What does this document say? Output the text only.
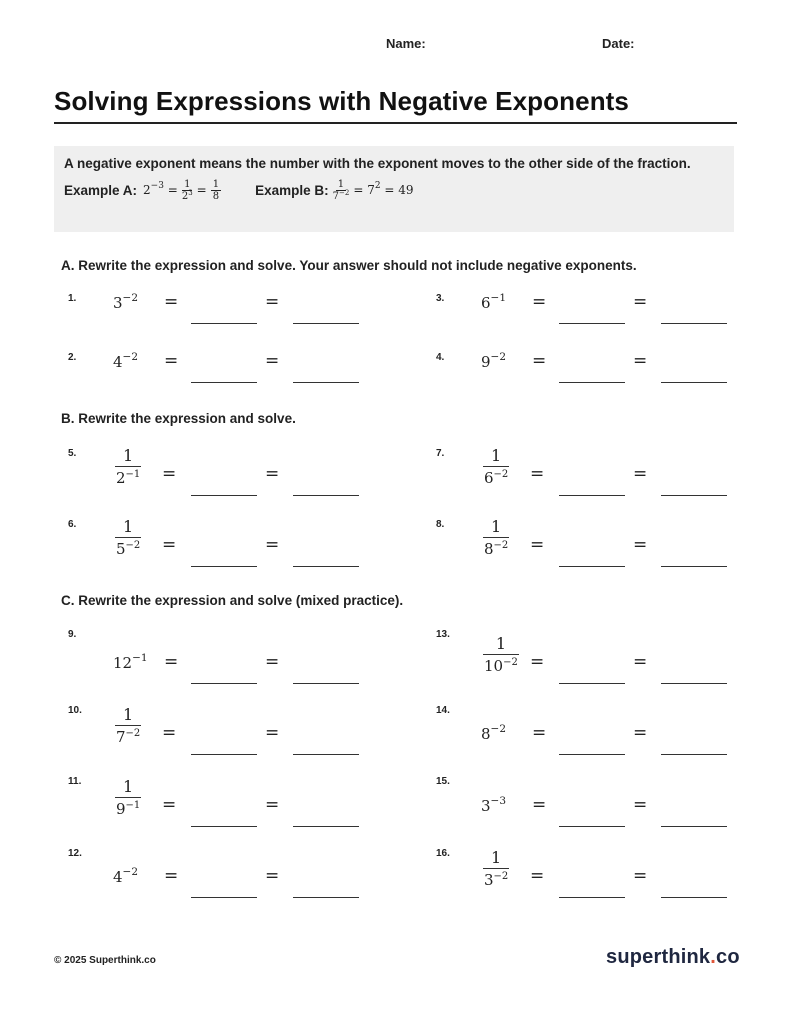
Name:	Date:
Solving Expressions with Negative Exponents
A negative exponent means the number with the exponent moves to the other side of the fraction.
Example A: $2^{-3} = \frac{1}{2^3} = \frac{1}{8}$	Example B: $\frac{1}{7^{-2}} = 7^2 = 49$
A. Rewrite the expression and solve. Your answer should not include negative exponents.
B. Rewrite the expression and solve.
C. Rewrite the expression and solve (mixed practice).
1. $3^{-2}$ =	=
2. $4^{-2}$ =	=
3. $6^{-1}$ =	=
4. $9^{-2}$ =	=
5. $\frac{1}{2^{-1}}$ =	=
6. $\frac{1}{5^{-2}}$ =	=
7. $\frac{1}{6^{-2}}$ =	=
8. $\frac{1}{8^{-2}}$ =	=
9.
$12^{-1}$ =	=
10. $\frac{1}{7^{-2}}$ =	=
11. $\frac{1}{9^{-1}}$ =	=
12.
$4^{-2}$ =	=
13. $\frac{1}{10^{-2}}$ =	=
14.
$8^{-2}$ =	=
15.
$3^{-3}$ =	=
16. $\frac{1}{3^{-2}}$ =	=
© 2025 Superthink.co	superthink.co
